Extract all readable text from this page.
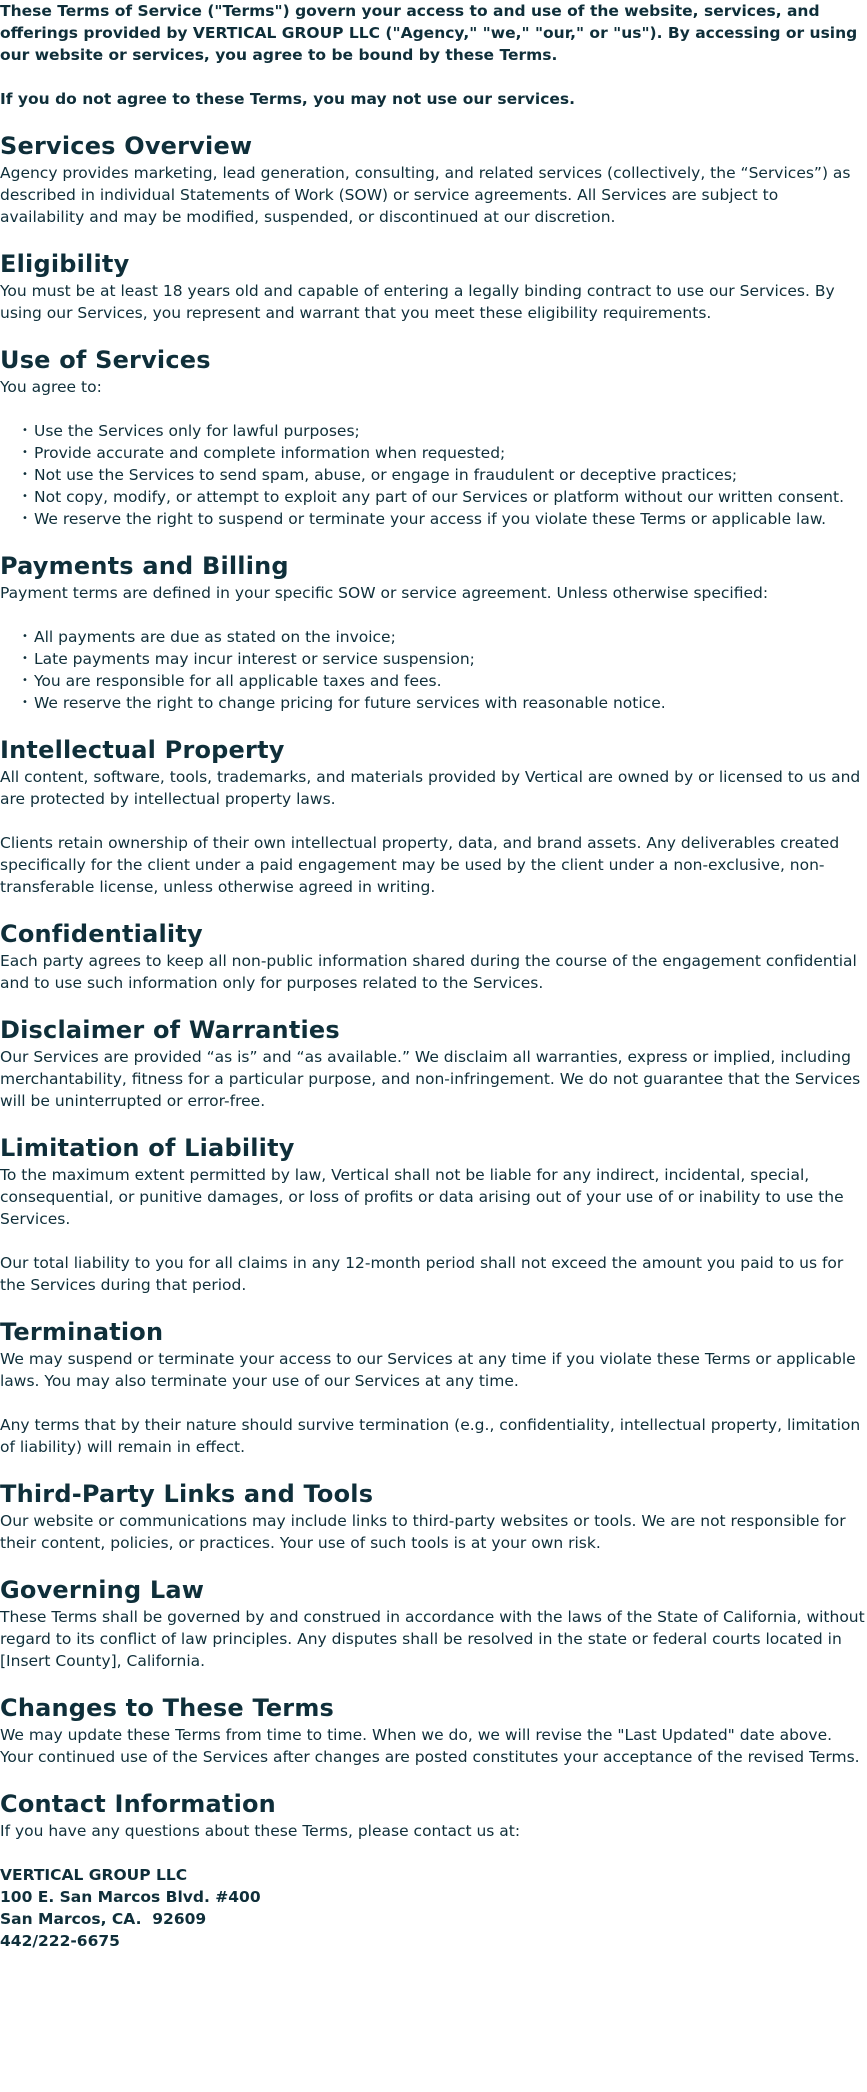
These Terms of Service ("Terms") govern your access to and use of the website, services, and offerings provided by VERTICAL GROUP LLC ("Agency," "we," "our," or "us"). By accessing or using our website or services, you agree to be bound by these Terms.

If you do not agree to these Terms, you may not use our services.

Services Overview

Agency provides marketing, lead generation, consulting, and related services (collectively, the “Services”) as described in individual Statements of Work (SOW) or service agreements. All Services are subject to availability and may be modified, suspended, or discontinued at our discretion.

Eligibility

You must be at least 18 years old and capable of entering a legally binding contract to use our Services. By using our Services, you represent and warrant that you meet these eligibility requirements.

Use of Services

You agree to:

• Use the Services only for lawful purposes;
• Provide accurate and complete information when requested;
• Not use the Services to send spam, abuse, or engage in fraudulent or deceptive practices;
• Not copy, modify, or attempt to exploit any part of our Services or platform without our written consent.
• We reserve the right to suspend or terminate your access if you violate these Terms or applicable law.
Payments and Billing

Payment terms are defined in your specific SOW or service agreement. Unless otherwise specified:

• All payments are due as stated on the invoice;
• Late payments may incur interest or service suspension;
• You are responsible for all applicable taxes and fees.
• We reserve the right to change pricing for future services with reasonable notice.
Intellectual Property

All content, software, tools, trademarks, and materials provided by Vertical are owned by or licensed to us and are protected by intellectual property laws.

Clients retain ownership of their own intellectual property, data, and brand assets. Any deliverables created specifically for the client under a paid engagement may be used by the client under a non-exclusive, non-transferable license, unless otherwise agreed in writing.

Confidentiality

Each party agrees to keep all non-public information shared during the course of the engagement confidential and to use such information only for purposes related to the Services.

Disclaimer of Warranties

Our Services are provided “as is” and “as available.” We disclaim all warranties, express or implied, including merchantability, fitness for a particular purpose, and non-infringement. We do not guarantee that the Services will be uninterrupted or error-free.

Limitation of Liability

To the maximum extent permitted by law, Vertical shall not be liable for any indirect, incidental, special, consequential, or punitive damages, or loss of profits or data arising out of your use of or inability to use the Services.

Our total liability to you for all claims in any 12-month period shall not exceed the amount you paid to us for the Services during that period.

Termination

We may suspend or terminate your access to our Services at any time if you violate these Terms or applicable laws. You may also terminate your use of our Services at any time.

Any terms that by their nature should survive termination (e.g., confidentiality, intellectual property, limitation of liability) will remain in effect.

Third-Party Links and Tools

Our website or communications may include links to third-party websites or tools. We are not responsible for their content, policies, or practices. Your use of such tools is at your own risk.

Governing Law

These Terms shall be governed by and construed in accordance with the laws of the State of California, without regard to its conflict of law principles. Any disputes shall be resolved in the state or federal courts located in [Insert County], California.

Changes to These Terms

We may update these Terms from time to time. When we do, we will revise the "Last Updated" date above. Your continued use of the Services after changes are posted constitutes your acceptance of the revised Terms.

Contact Information

If you have any questions about these Terms, please contact us at:

VERTICAL GROUP LLC

100 E. San Marcos Blvd. #400

San Marcos, CA.  92609

442/222-6675
